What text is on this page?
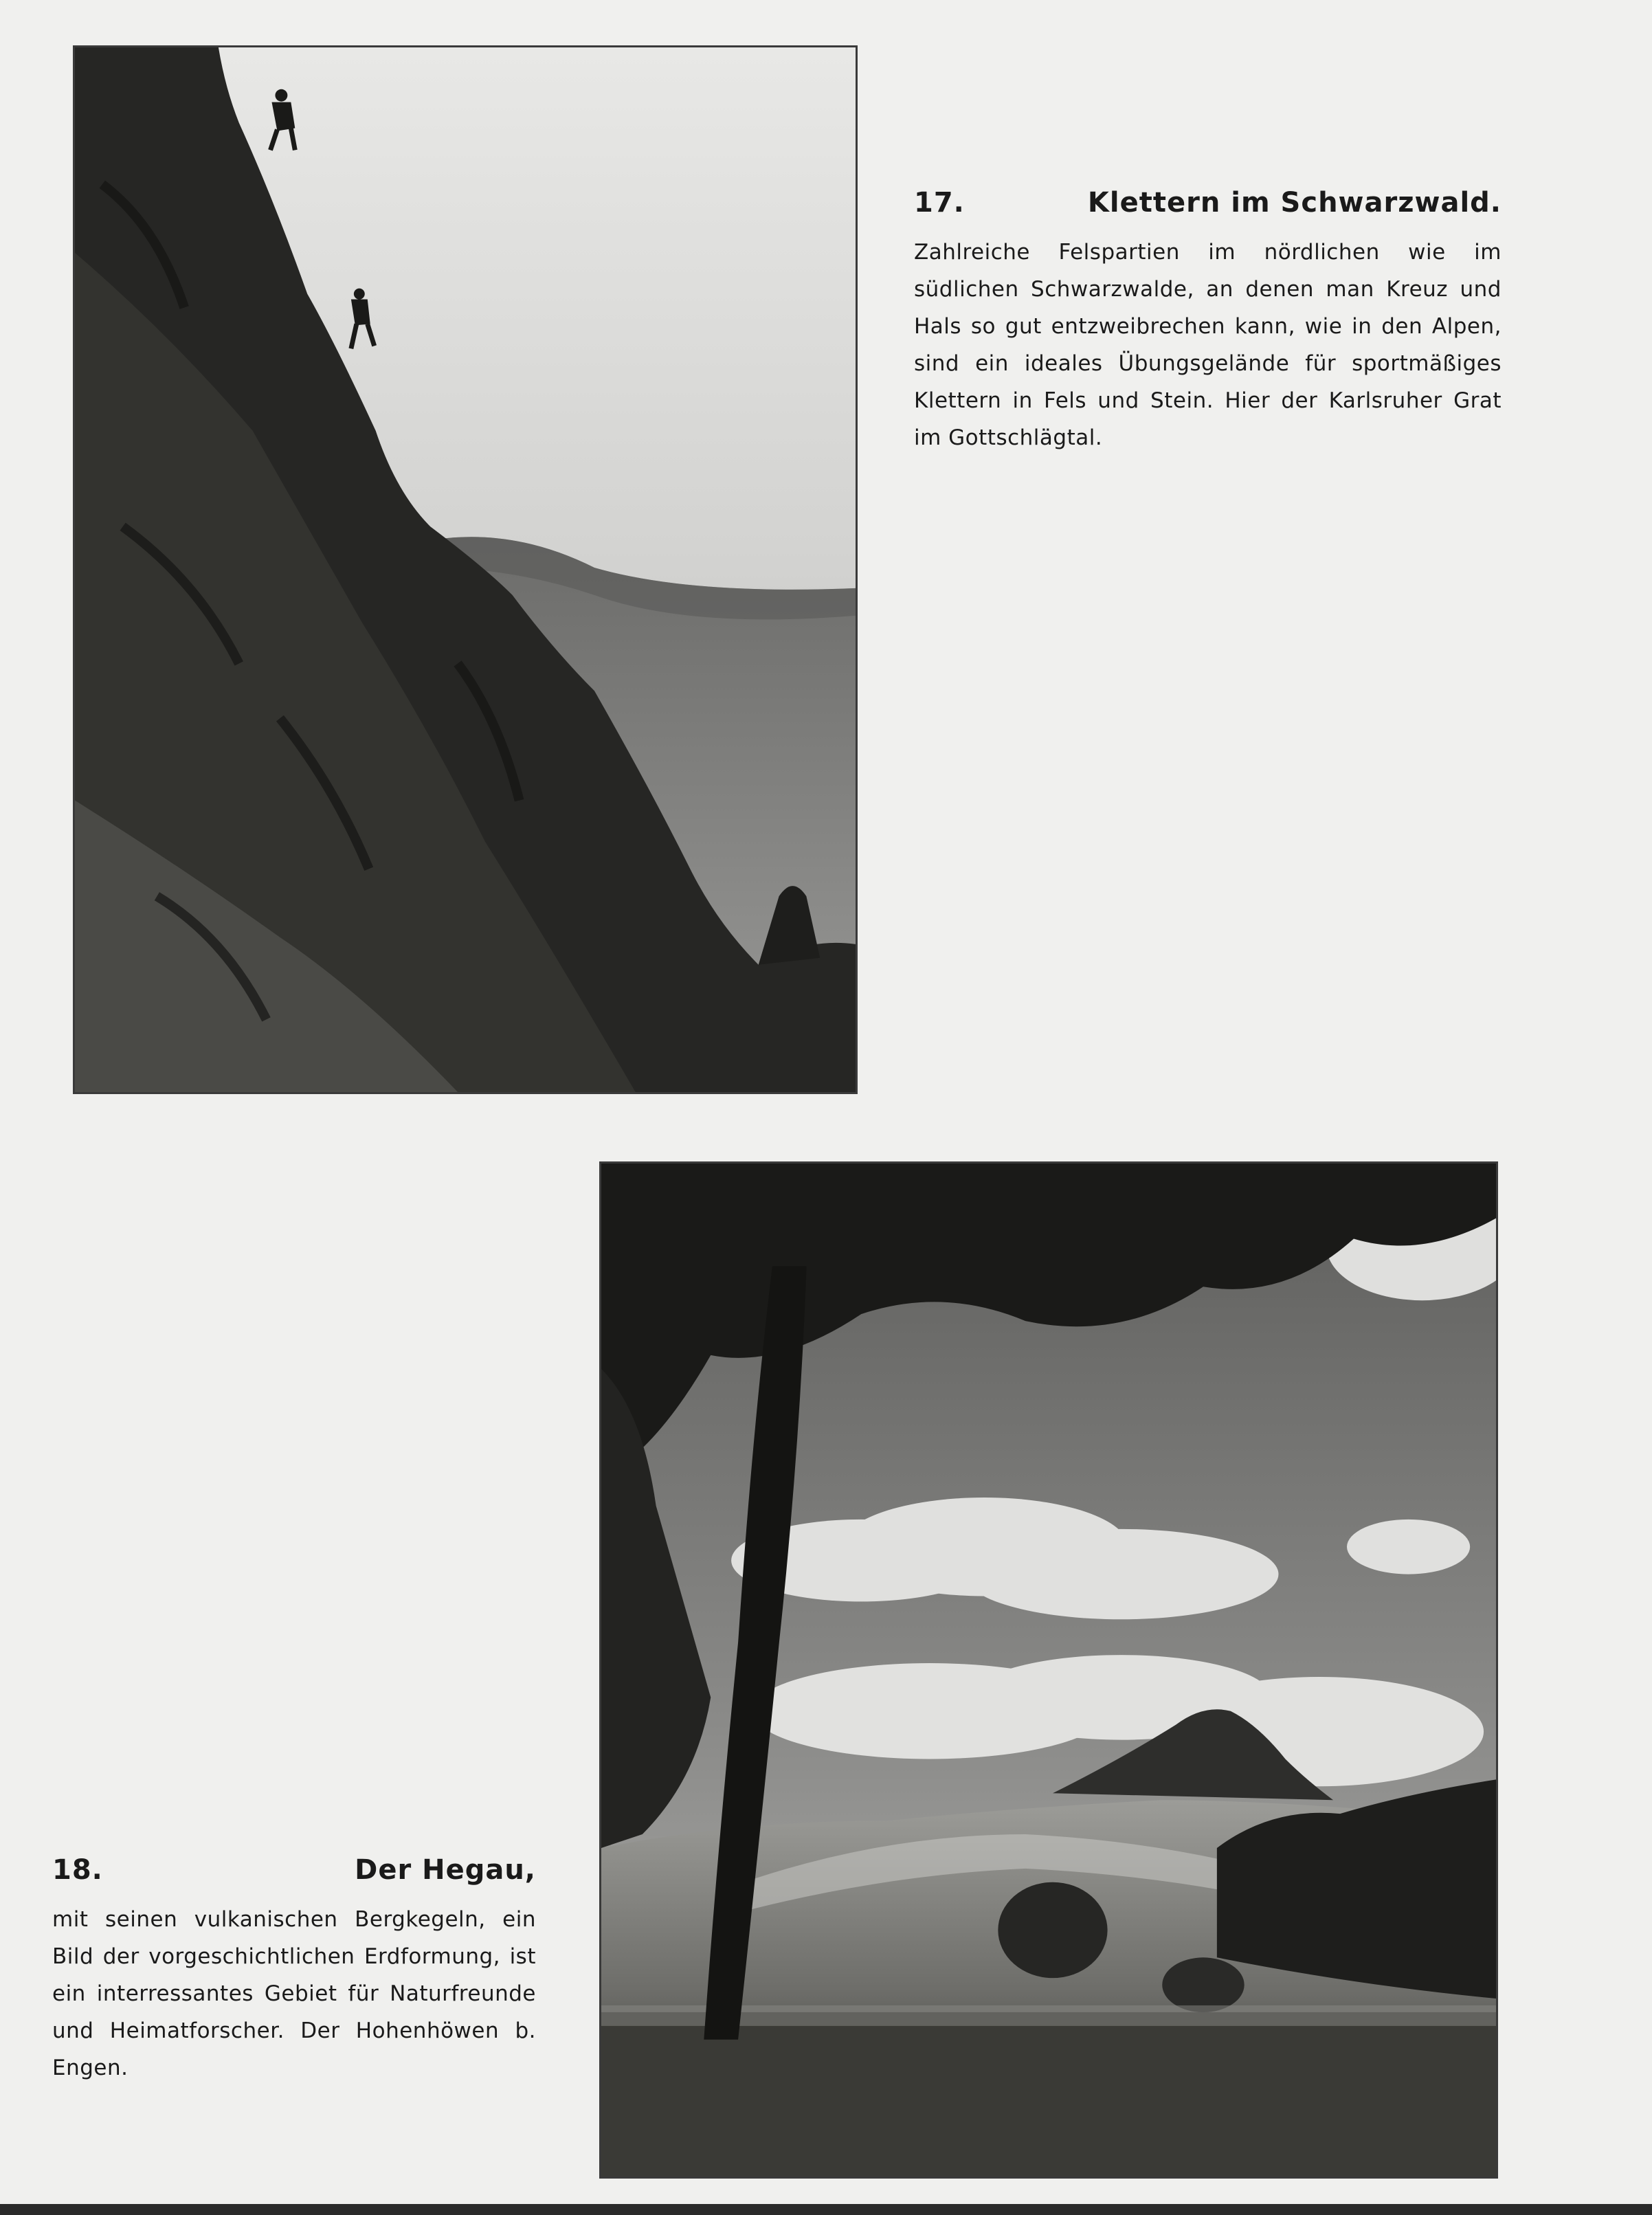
17.	Klettern im Schwarzwald.
Zahlreiche Felspartien im nördlichen wie im südlichen Schwarzwalde, an denen man Kreuz und Hals so gut entzweibrechen kann, wie in den Alpen, sind ein ideales Übungsgelände für sportmäßiges Klettern in Fels und Stein. Hier der Karlsruher Grat im Gottschlägtal.
18.	Der Hegau,
mit seinen vulkanischen Bergkegeln, ein Bild der vorgeschichtlichen Erdformung, ist ein interressantes Gebiet für Naturfreunde und Heimatforscher. Der Hohenhöwen b. Engen.
